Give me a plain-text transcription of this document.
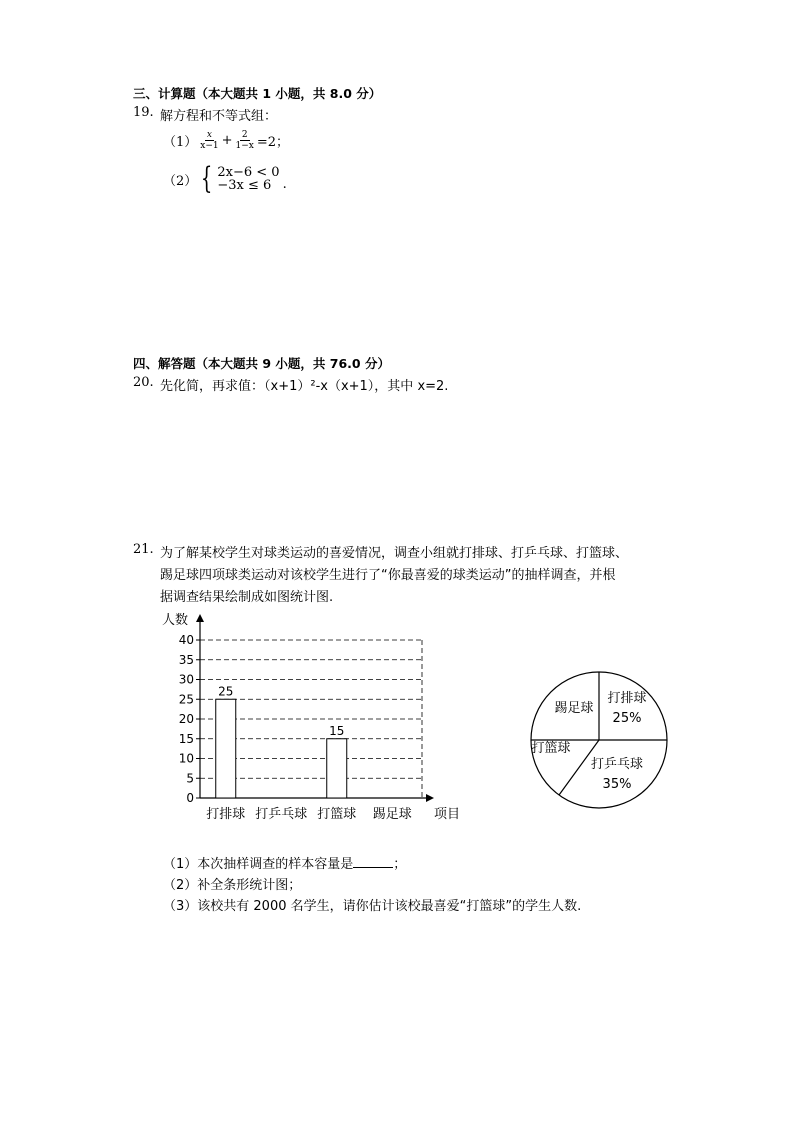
三、计算题（本大题共 1 小题，共 8.0 分）
19. 解方程和不等式组：
$(1) \frac{x}{x-1} + \frac{2}{1-x} =2$；
（2） { 2x−6 < 0
−3x ≤ 6 .
四、解答题（本大题共 9 小题，共 76.0 分）
20. 先化简，再求值：（x+1）²-x（x+1），其中 x=2.
21. 为了解某校学生对球类运动的喜爱情况，调查小组就打排球、打乒乓球、打篮球、
踢足球四项球类运动对该校学生进行了“你最喜爱的球类运动”的抽样调查，并根
据调查结果绘制成如图统计图.
0
5
10
15
20
25
30
35
40
人数
打排球
25
打乒乓球 打篮球
15
踢足球 项目
打排球
25%
打乒乓球
35%
打篮球
踢足球
（1）本次抽样调查的样本容量是	；
（2）补全条形统计图；
（3）该校共有 2000 名学生，请你估计该校最喜爱“打篮球”的学生人数.
